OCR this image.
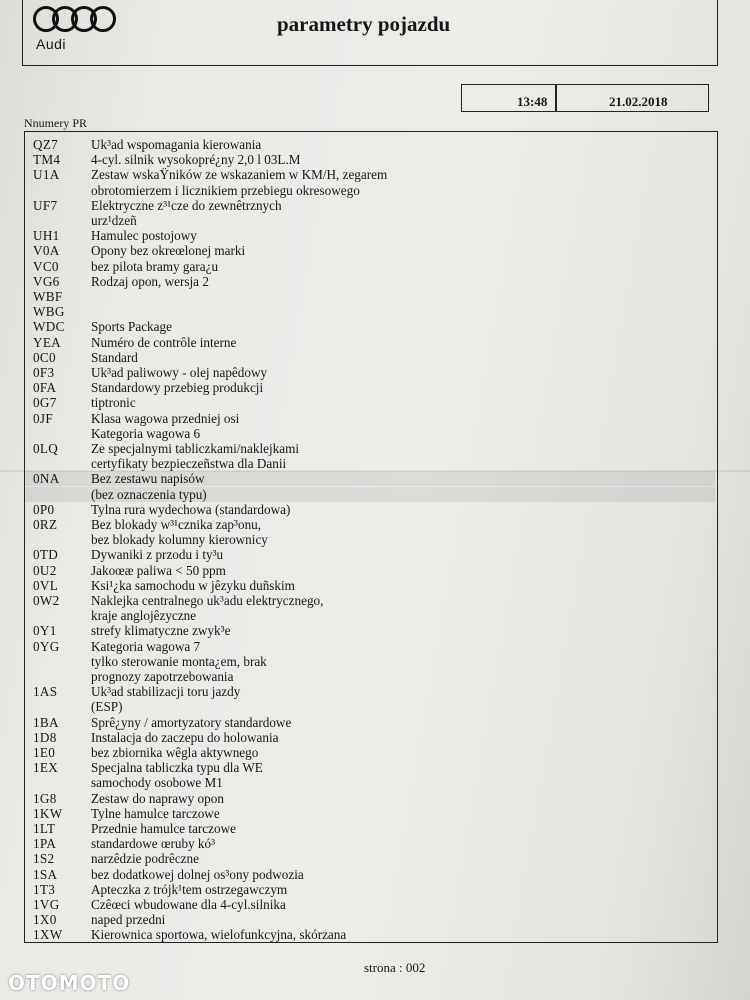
Audi
parametry pojazdu
13:48	21.02.2018
Nnumery PR
QZ7 Uk³ad wspomagania kierowania
TM4 4-cyl. silnik wysokopré¿ny 2,0 l 03L.M
U1A Zestaw wskaŸników ze wskazaniem w KM/H, zegarem
obrotomierzem i licznikiem przebiegu okresowego
UF7	Elektryczne z³¹cze do zewnêtrznych
urz¹dzeñ
UH1 Hamulec postojowy
V0A Opony bez okreœlonej marki
VC0 bez pilota bramy gara¿u
VG6 Rodzaj opon, wersja 2
WBF
WBG
WDC Sports Package
YEA Numéro de contrôle interne
0C0	Standard
0F3	Uk³ad paliwowy - olej napêdowy
0FA	Standardowy przebieg produkcji
0G7	tiptronic
0JF	Klasa wagowa przedniej osi
Kategoria wagowa 6
0LQ Ze specjalnymi tabliczkami/naklejkami
certyfikaty bezpieczeñstwa dla Danii
0NA Bez zestawu napisów
(bez oznaczenia typu)
0P0	Tylna rura wydechowa (standardowa)
0RZ	Bez blokady w³¹cznika zap³onu,
bez blokady kolumny kierownicy
0TD Dywaniki z przodu i ty³u
0U2	Jakoœæ paliwa < 50 ppm
0VL Ksi¹¿ka samochodu w jêzyku duñskim
0W2 Naklejka centralnego uk³adu elektrycznego,
kraje anglojêzyczne
0Y1	strefy klimatyczne zwyk³e
0YG Kategoria wagowa 7
tylko sterowanie monta¿em, brak
prognozy zapotrzebowania
1AS	Uk³ad stabilizacji toru jazdy
(ESP)
1BA Sprê¿yny / amortyzatory standardowe
1D8	Instalacja do zaczepu do holowania
1E0	bez zbiornika wêgla aktywnego
1EX Specjalna tabliczka typu dla WE
samochody osobowe M1
1G8	Zestaw do naprawy opon
1KW Tylne hamulce tarczowe
1LT	Przednie hamulce tarczowe
1PA	standardowe œruby kó³
1S2	narzêdzie podrêczne
1SA	bez dodatkowej dolnej os³ony podwozia
1T3	Apteczka z trójk¹tem ostrzegawczym
1VG Czêœci wbudowane dla 4-cyl.silnika
1X0	naped przedni
1XW Kierownica sportowa, wielofunkcyjna, skórzana
strona : 002
OTOMOTO
